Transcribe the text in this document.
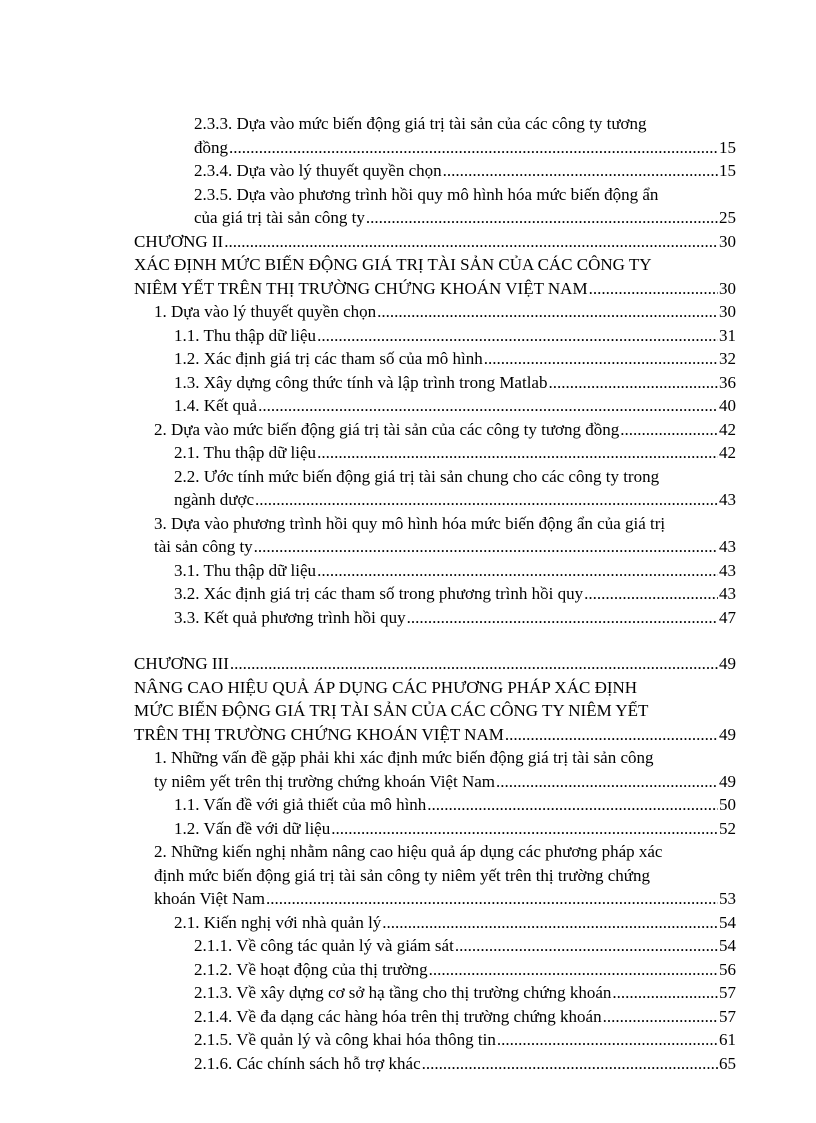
2.3.3. Dựa vào mức biến động giá trị tài sản của các công ty tương
đồng .....	15
2.3.4. Dựa vào lý thuyết quyền chọn .....	15
2.3.5. Dựa vào phương trình hồi quy mô hình hóa mức biến động ẩn
của giá trị tài sản công ty .....	25
CHƯƠNG II .....	30
XÁC ĐỊNH MỨC BIẾN ĐỘNG GIÁ TRỊ TÀI SẢN CỦA CÁC CÔNG TY
NIÊM YẾT TRÊN THỊ TRƯỜNG CHỨNG KHOÁN VIỆT NAM .....	30
1. Dựa vào lý thuyết quyền chọn .....	30
1.1. Thu thập dữ liệu .....	31
1.2. Xác định giá trị các tham số của mô hình .....	32
1.3. Xây dựng công thức tính và lập trình trong Matlab .....	36
1.4. Kết quả .....	40
2. Dựa vào mức biến động giá trị tài sản của các công ty tương đồng .....	42
2.1. Thu thập dữ liệu .....	42
2.2. Ước tính mức biến động giá trị tài sản chung cho các công ty trong
ngành dược .....	43
3. Dựa vào phương trình hồi quy mô hình hóa mức biến động ẩn của giá trị
tài sản công ty .....	43
3.1. Thu thập dữ liệu .....	43
3.2. Xác định giá trị các tham số trong phương trình hồi quy .....	43
3.3. Kết quả phương trình hồi quy .....	47
CHƯƠNG III .....	49
NÂNG CAO HIỆU QUẢ ÁP DỤNG CÁC PHƯƠNG PHÁP XÁC ĐỊNH
MỨC BIẾN ĐỘNG GIÁ TRỊ TÀI SẢN CỦA CÁC CÔNG TY NIÊM YẾT
TRÊN THỊ TRƯỜNG CHỨNG KHOÁN VIỆT NAM .....	49
1. Những vấn đề gặp phải khi xác định mức biến động giá trị tài sản công
ty niêm yết trên thị trường chứng khoán Việt Nam .....	49
1.1. Vấn đề với giả thiết của mô hình .....	50
1.2. Vấn đề với dữ liệu .....	52
2. Những kiến nghị nhằm nâng cao hiệu quả áp dụng các phương pháp xác
định mức biến động giá trị tài sản công ty niêm yết trên thị trường chứng
khoán Việt Nam .....	53
2.1. Kiến nghị với nhà quản lý .....	54
2.1.1. Về công tác quản lý và giám sát .....	54
2.1.2. Về hoạt động của thị trường .....	56
2.1.3. Về xây dựng cơ sở hạ tầng cho thị trường chứng khoán .....	57
2.1.4. Về đa dạng các hàng hóa trên thị trường chứng khoán .....	57
2.1.5. Về quản lý và công khai hóa thông tin .....	61
2.1.6. Các chính sách hỗ trợ khác .....	65
